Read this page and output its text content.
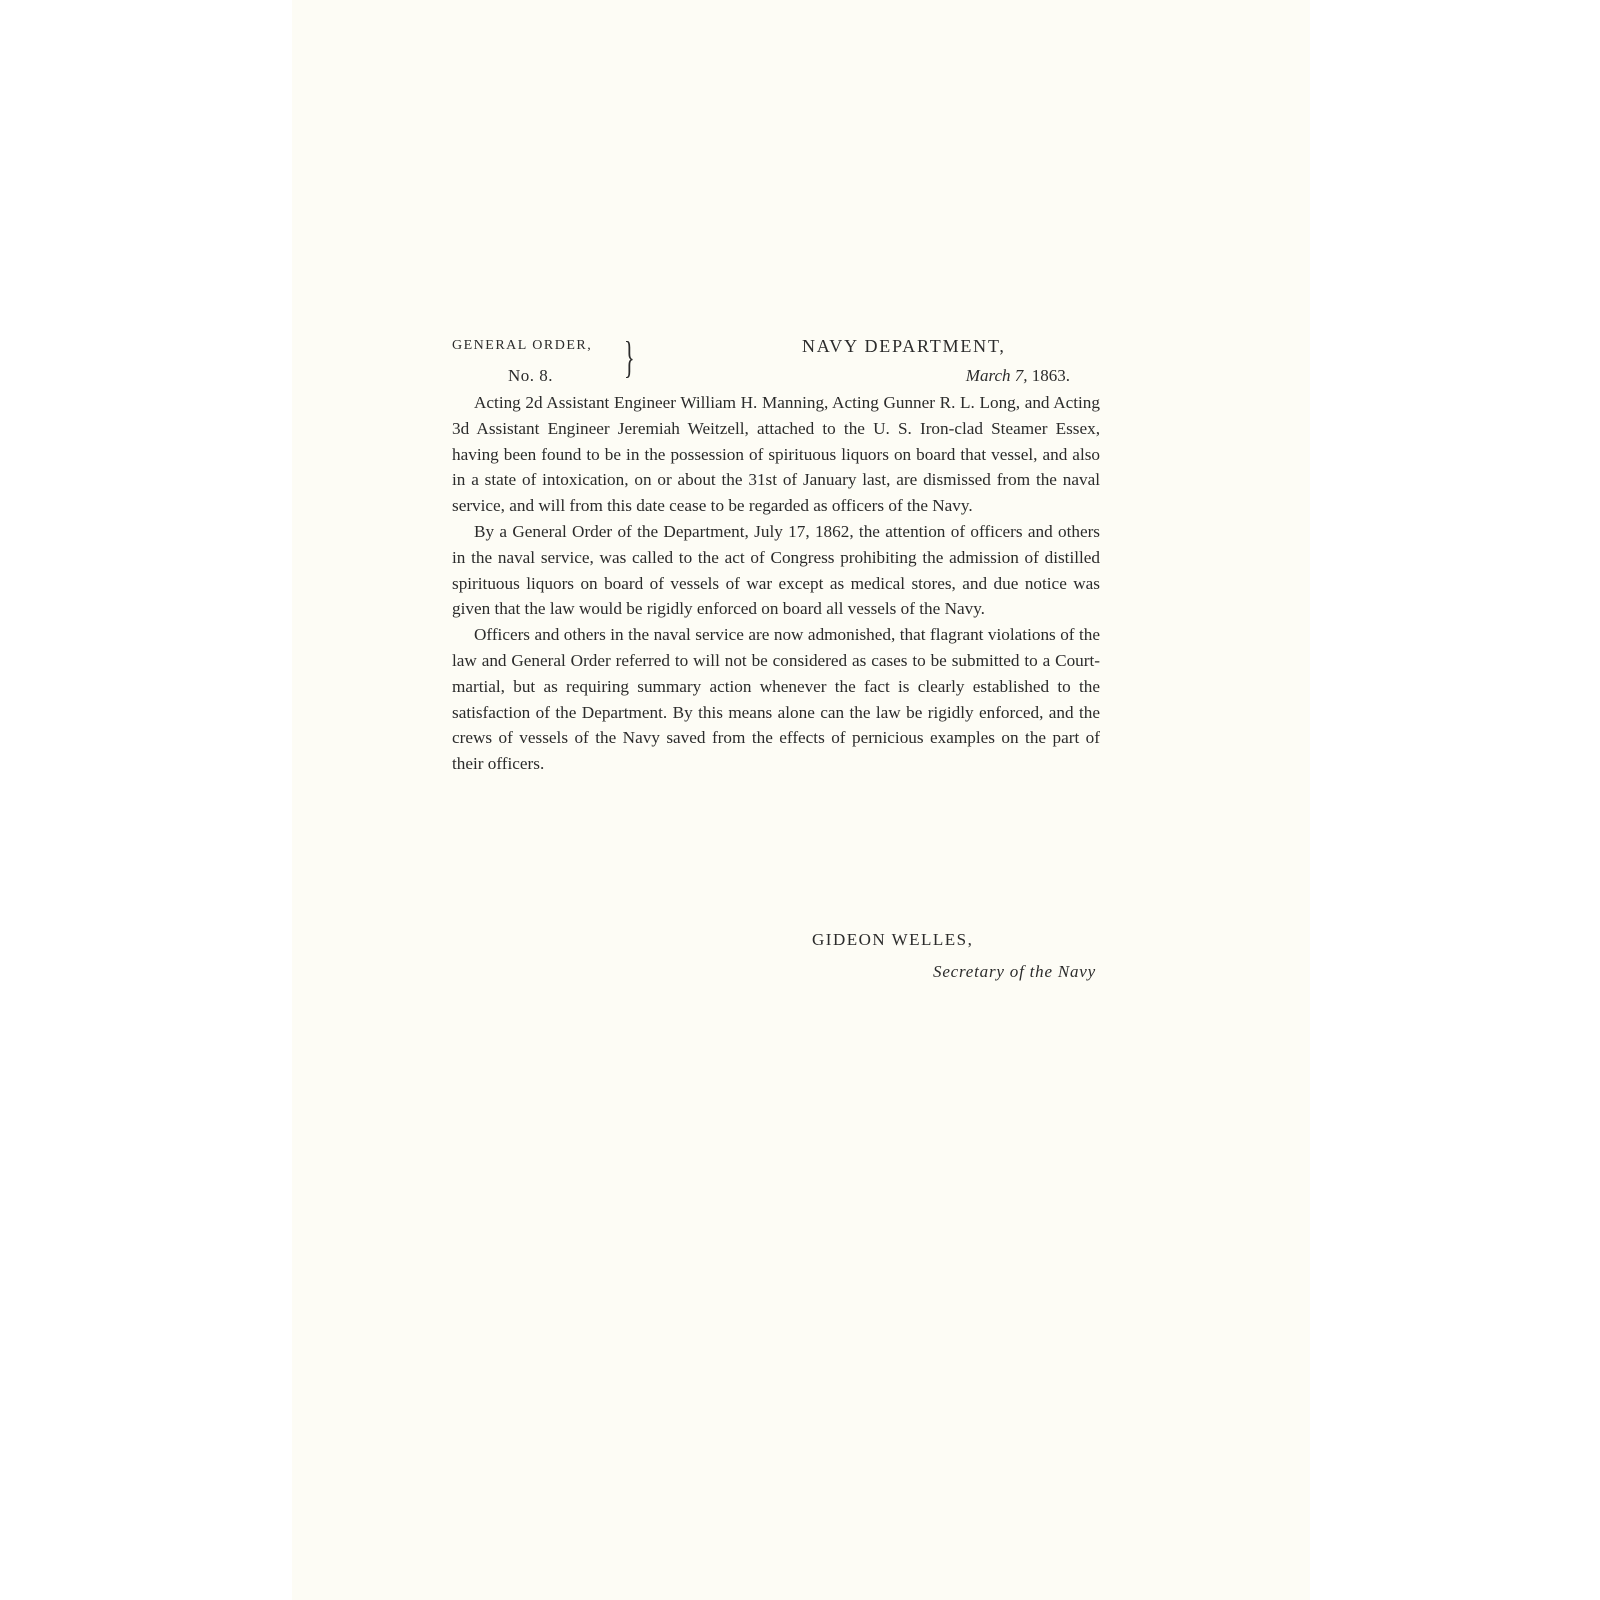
GENERAL ORDER,
No. 8. }	NAVY DEPARTMENT,
March 7, 1863.

Acting 2d Assistant Engineer William H. Manning, Acting Gunner R. L. Long, and Acting 3d Assistant Engineer Jeremiah Weitzell, attached to the U. S. Iron-clad Steamer Essex, having been found to be in the possession of spirituous liquors on board that vessel, and also in a state of intoxication, on or about the 31st of January last, are dismissed from the naval service, and will from this date cease to be regarded as officers of the Navy.

By a General Order of the Department, July 17, 1862, the attention of officers and others in the naval service, was called to the act of Congress prohibiting the admission of distilled spirituous liquors on board of vessels of war except as medical stores, and due notice was given that the law would be rigidly enforced on board all vessels of the Navy.

Officers and others in the naval service are now admonished, that flagrant violations of the law and General Order referred to will not be considered as cases to be submitted to a Court-martial, but as requiring summary action whenever the fact is clearly established to the satisfaction of the Department. By this means alone can the law be rigidly enforced, and the crews of vessels of the Navy saved from the effects of pernicious examples on the part of their officers.

GIDEON WELLES,
Secretary of the Navy
